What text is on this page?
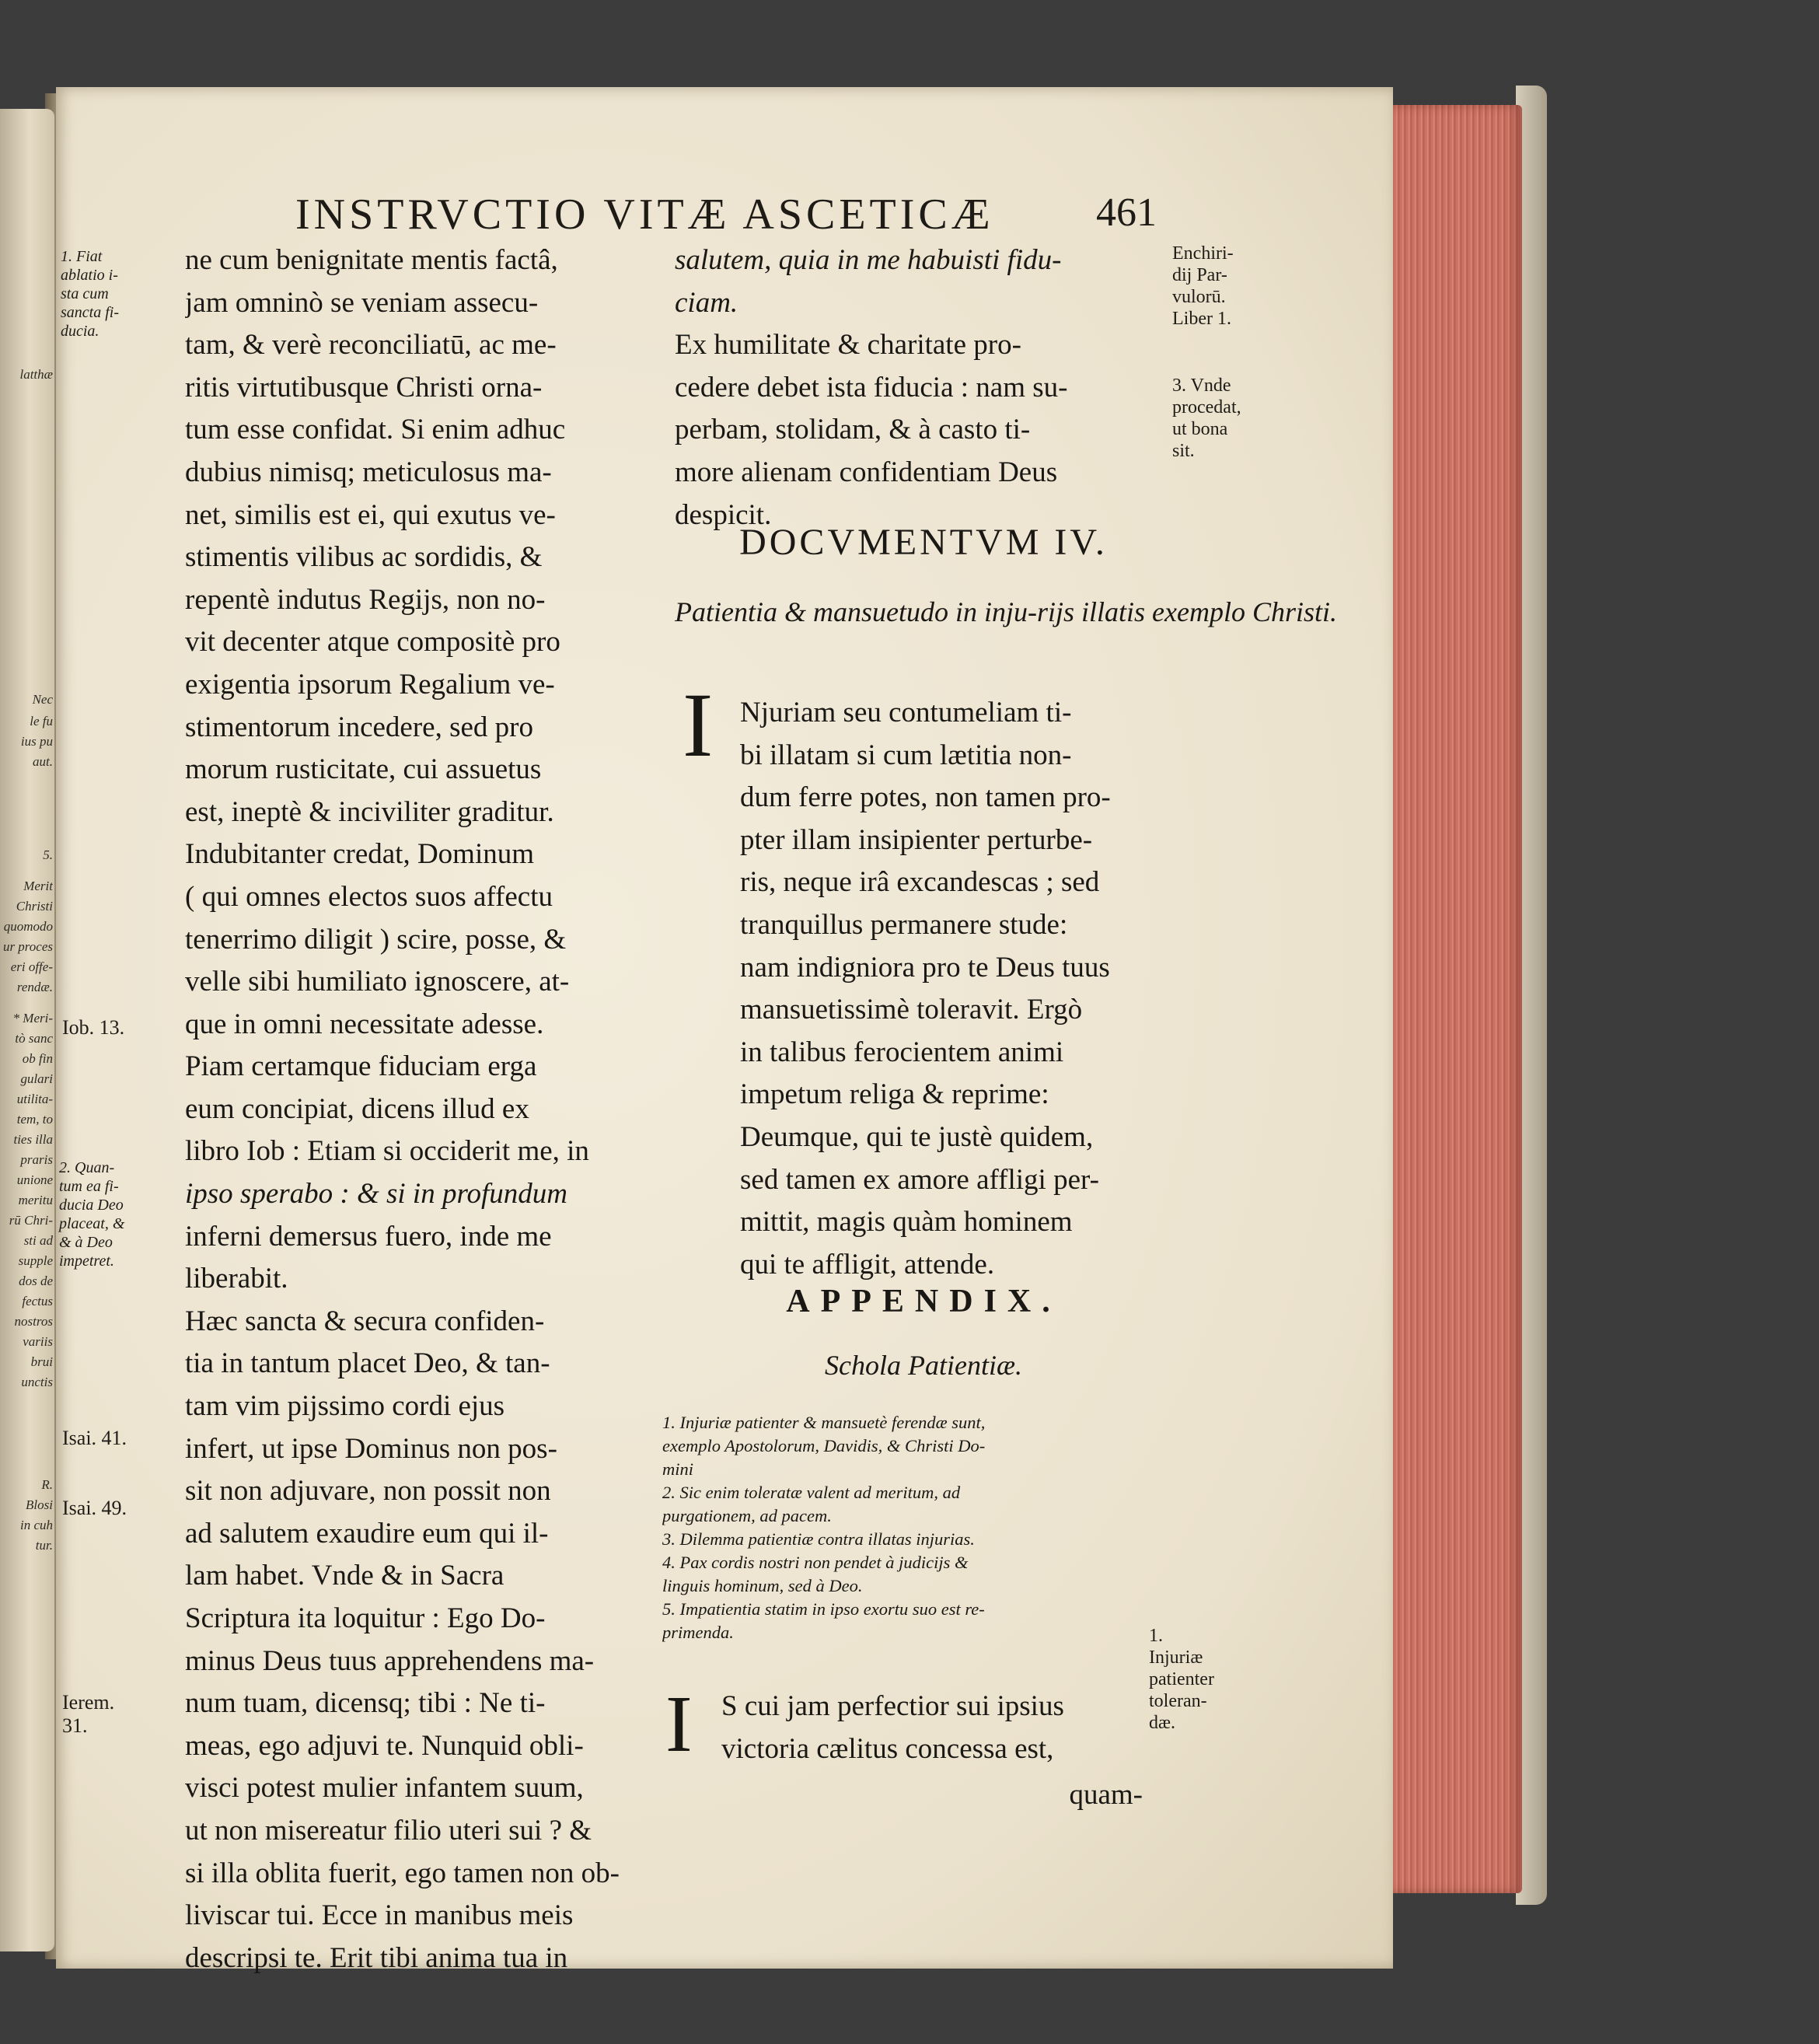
latthæ
Nec
le fu
ius pu
aut.
5.
Merit
Christi
quomodo
ur proces
eri offe-
rendæ.
* Meri-
tò sanc
ob fin
gulari
utilita-
tem, to
ties illa
praris
unione
meritu
rū Chri-
sti ad
supple
dos de
fectus
nostros
variis
brui
unctis
R.
Blosi
in cuh
tur.
INSTRVCTIO VITÆ ASCETICÆ	461
ne cum benignitate mentis factâ,
jam omninò se veniam assecu-
tam, & verè reconciliatū, ac me-
ritis virtutibusque Christi orna-
tum esse confidat. Si enim adhuc
dubius nimisq; meticulosus ma-
net, similis est ei, qui exutus ve-
stimentis vilibus ac sordidis, &
repentè indutus Regijs, non no-
vit decenter atque compositè pro
exigentia ipsorum Regalium ve-
stimentorum incedere, sed pro
morum rusticitate, cui assuetus
est, ineptè & inciviliter graditur.
Indubitanter credat, Dominum
( qui omnes electos suos affectu
tenerrimo diligit ) scire, posse, &
velle sibi humiliato ignoscere, at-
que in omni necessitate adesse.
Piam certamque fiduciam erga
eum concipiat, dicens illud ex
libro Iob : Etiam si occiderit me, in
ipso sperabo : & si in profundum
inferni demersus fuero, inde me
liberabit.
Hæc sancta & secura confiden-
tia in tantum placet Deo, & tan-
tam vim pijssimo cordi ejus
infert, ut ipse Dominus non pos-
sit non adjuvare, non possit non
ad salutem exaudire eum qui il-
lam habet. Vnde & in Sacra
Scriptura ita loquitur : Ego Do-
minus Deus tuus apprehendens ma-
num tuam, dicensq; tibi : Ne ti-
meas, ego adjuvi te. Nunquid obli-
visci potest mulier infantem suum,
ut non misereatur filio uteri sui ? &
si illa oblita fuerit, ego tamen non ob-
liviscar tui. Ecce in manibus meis
descripsi te. Erit tibi anima tua in
salutem, quia in me habuisti fidu-
ciam.
Ex humilitate & charitate pro-
cedere debet ista fiducia : nam su-
perbam, stolidam, & à casto ti-
more alienam confidentiam Deus
despicit.
DOCVMENTVM IV.
Patientia & mansuetudo in inju-rijs illatis exemplo Christi.
I Njuriam seu contumeliam ti-
bi illatam si cum lætitia non-
dum ferre potes, non tamen pro-
pter illam insipienter perturbe-
ris, neque irâ excandescas ; sed
tranquillus permanere stude:
nam indigniora pro te Deus tuus
mansuetissimè toleravit. Ergò
in talibus ferocientem animi
impetum religa & reprime:
Deumque, qui te justè quidem,
sed tamen ex amore affligi per-
mittit, magis quàm hominem
qui te affligit, attende.
APPENDIX.
Schola Patientiæ.
1. Injuriæ patienter & mansuetè ferendæ sunt,
exemplo Apostolorum, Davidis, & Christi Do-
mini
2. Sic enim toleratæ valent ad meritum, ad
purgationem, ad pacem.
3. Dilemma patientiæ contra illatas injurias.
4. Pax cordis nostri non pendet à judicijs &
linguis hominum, sed à Deo.
5. Impatientia statim in ipso exortu suo est re-
primenda.
I S cui jam perfectior sui ipsius
victoria cælitus concessa est,
quam-
1. Fiat
ablatio i-
sta cum
sancta fi-
ducia.
Iob. 13.
2. Quan-
tum ea fi-
ducia Deo
placeat, &
& à Deo
impetret.
Isai. 41.
Isai. 49.
Ierem.
31.
Enchiri-
dij Par-
vulorū.
Liber 1.
3. Vnde
procedat,
ut bona
sit.
1.
Injuriæ
patienter
toleran-
dæ.
